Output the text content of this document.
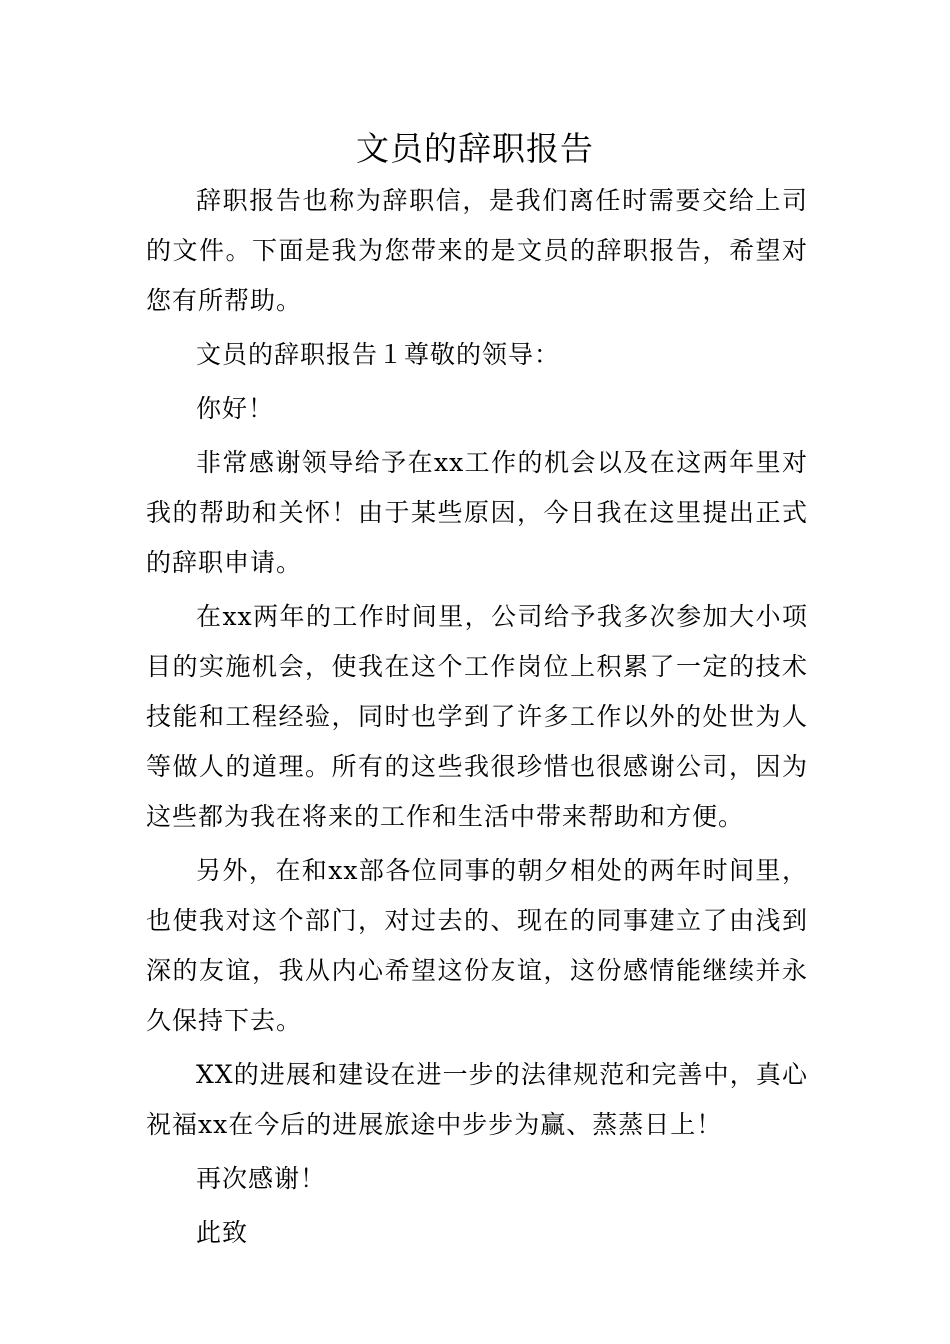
文员的辞职报告

辞职报告也称为辞职信，是我们离任时需要交给上司的文件。下面是我为您带来的是文员的辞职报告，希望对您有所帮助。

文员的辞职报告１尊敬的领导：

你好！

非常感谢领导给予在xx工作的机会以及在这两年里对我的帮助和关怀！由于某些原因，今日我在这里提出正式的辞职申请。

在xx两年的工作时间里，公司给予我多次参加大小项目的实施机会，使我在这个工作岗位上积累了一定的技术技能和工程经验，同时也学到了许多工作以外的处世为人等做人的道理。所有的这些我很珍惜也很感谢公司，因为这些都为我在将来的工作和生活中带来帮助和方便。

另外，在和xx部各位同事的朝夕相处的两年时间里，也使我对这个部门，对过去的、现在的同事建立了由浅到深的友谊，我从内心希望这份友谊，这份感情能继续并永久保持下去。

XX的进展和建设在进一步的法律规范和完善中，真心祝福xx在今后的进展旅途中步步为赢、蒸蒸日上！

再次感谢！

此致
